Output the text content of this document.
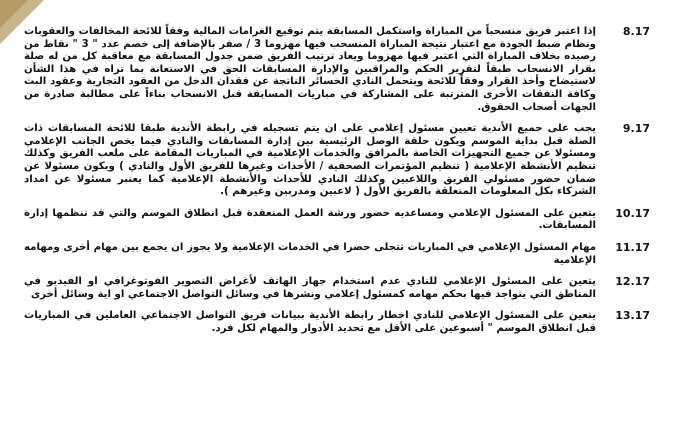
إذا اعتبر فريق منسحباً من المباراة واستكمل المسابقة يتم توقيع الغرامات المالية وفقاً للائحة المخالفات والعقوبات ونظام ضبط الجودة مع اعتبار نتيجة المباراة المنسحب فيها مهزوما 3 / صفر بالإضافة إلى خصم عدد " 3 " نقاط من رصيده بخلاف المباراة التي اعتبر فيها مهزوما ويعاد ترتيب الفريق ضمن جدول المسابقة مع معاقبة كل من له صلة بقرار الانسحاب طبقاً لتقرير الحكم والمراقبين والإدارة المسابقات الحق في الاستعانة بما تراه في هذا الشأن لاستيضاح وأخذ القرار وفقاً للائحة ويتحمل النادي الخسائر الناتجة عن فقدان الدخل من العقود التجارية وعقود البث وكافة النفقات الأخرى المترتبة على المشاركة في مباريات المسابقة قبل الانسحاب بناءاً على مطالبة صادرة من الجهات أصحاب الحقوق.
8.17
يجب على جميع الأندية تعيين مسئول إعلامي على ان يتم تسجيله في رابطة الأندية طبقا للائحة المسابقات ذات الصلة قبل بداية الموسم ويكون حلقة الوصل الرئيسية بين إدارة المسابقات والنادي فيما يخص الجانب الإعلامي ومسئولا عن جميع التجهيزات الخاصة بالمرافق والخدمات الإعلامية في المباريات المقامة على ملعب الفريق وكذلك تنظيم الأنشطة الإعلامية ( تنظيم المؤتمرات الصحفية / الأحداث وغيرها للفريق الأول والنادي ) ويكون مسئولا عن ضمان حضور مسئولي الفريق واللاعبين وكذلك النادي للأحداث والأنشطة الإعلامية كما يعتبر مسئولا عن امداد الشركاء بكل المعلومات المتعلقة بالفريق الأول ( لاعبين ومدربين وغيرهم ).
9.17
يتعين على المسئول الإعلامي ومساعديه حضور ورشة العمل المنعقدة قبل انطلاق الموسم والتي قد تنظمها إدارة المسابقات.
10.17
مهام المسئول الإعلامي في المباريات تتجلى حصرا في الخدمات الإعلامية ولا يجوز ان يجمع بين مهام أخرى ومهامه الإعلامية
11.17
يتعين على المسئول الإعلامي للنادي عدم استخدام جهاز الهاتف لأغراض التصوير الفوتوغرافي او الفيديو في المناطق التي يتواجد فيها بحكم مهامه كمسئول إعلامي ونشرها في وسائل التواصل الاجتماعي او اية وسائل أخرى
12.17
يتعين على المسئول الإعلامي للنادي اخطار رابطة الأندية ببيانات فريق التواصل الاجتماعي العاملين في المباريات قبل انطلاق الموسم " أسبوعين على الأقل مع تحديد الأدوار والمهام لكل فرد.
13.17
